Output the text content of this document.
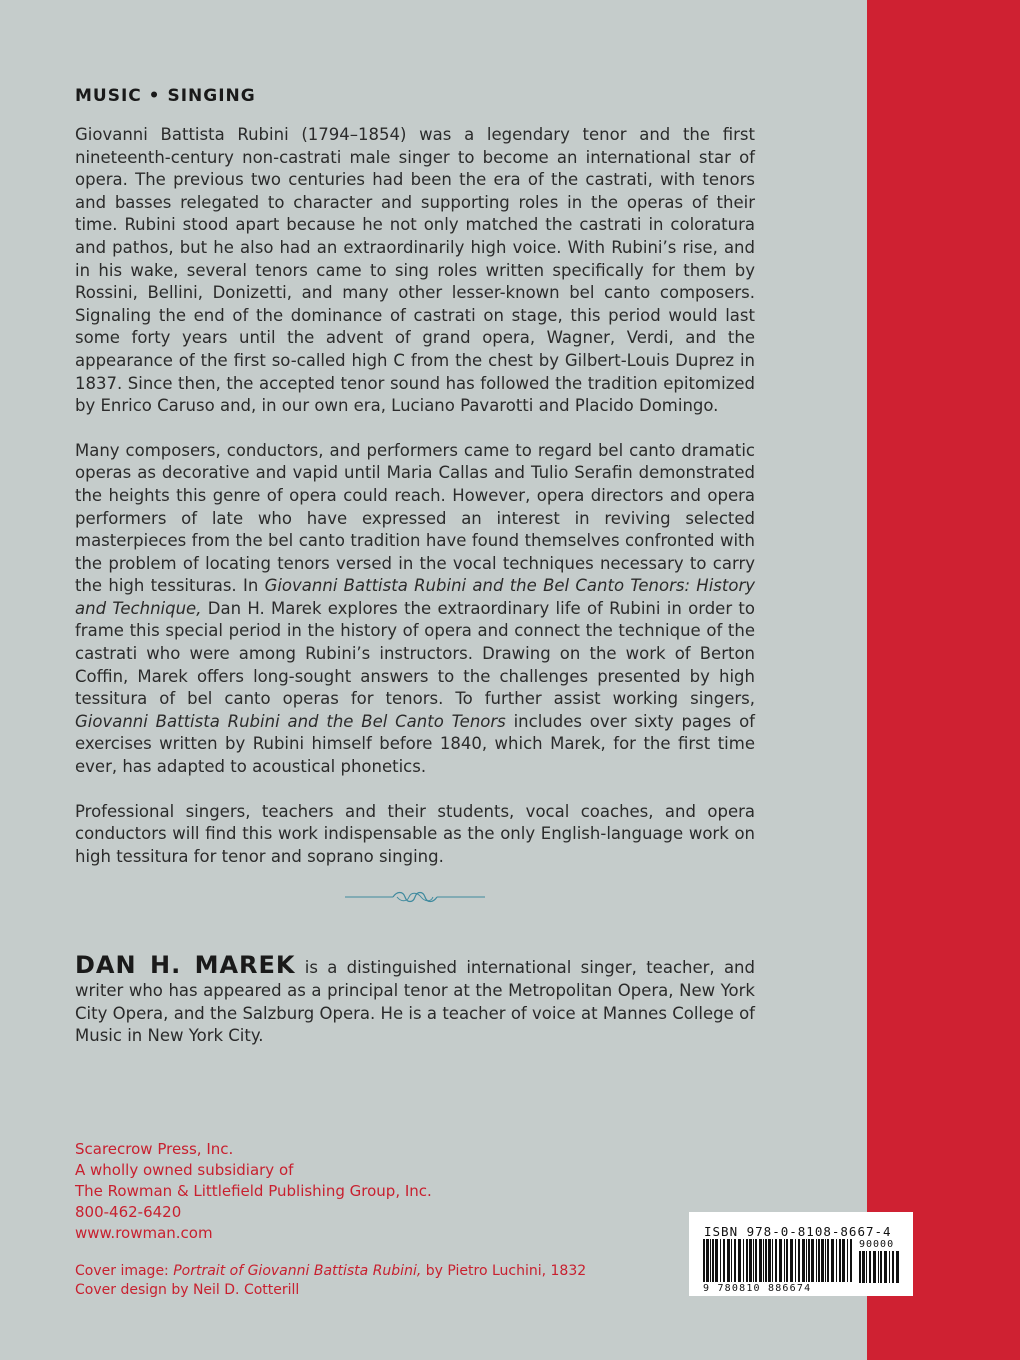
MUSIC • SINGING

Giovanni Battista Rubini (1794–1854) was a legendary tenor and the first nineteenth-century non-castrati male singer to become an international star of opera. The previous two centuries had been the era of the castrati, with tenors and basses relegated to character and supporting roles in the operas of their time. Rubini stood apart because he not only matched the castrati in coloratura and pathos, but he also had an extraordinarily high voice. With Rubini’s rise, and in his wake, several tenors came to sing roles written specifically for them by Rossini, Bellini, Donizetti, and many other lesser-known bel canto composers. Signaling the end of the dominance of castrati on stage, this period would last some forty years until the advent of grand opera, Wagner, Verdi, and the appearance of the first so-called high C from the chest by Gilbert-Louis Duprez in 1837. Since then, the accepted tenor sound has followed the tradition epitomized by Enrico Caruso and, in our own era, Luciano Pavarotti and Placido Domingo.

Many composers, conductors, and performers came to regard bel canto dramatic operas as decorative and vapid until Maria Callas and Tulio Serafin demonstrated the heights this genre of opera could reach. However, opera directors and opera performers of late who have expressed an interest in reviving selected masterpieces from the bel canto tradition have found themselves confronted with the problem of locating tenors versed in the vocal techniques necessary to carry the high tessituras. In Giovanni Battista Rubini and the Bel Canto Tenors: History and Technique, Dan H. Marek explores the extraordinary life of Rubini in order to frame this special period in the history of opera and connect the technique of the castrati who were among Rubini’s instructors. Drawing on the work of Berton Coffin, Marek offers long-sought answers to the challenges presented by high tessitura of bel canto operas for tenors. To further assist working singers, Giovanni Battista Rubini and the Bel Canto Tenors includes over sixty pages of exercises written by Rubini himself before 1840, which Marek, for the first time ever, has adapted to acoustical phonetics.

Professional singers, teachers and their students, vocal coaches, and opera conductors will find this work indispensable as the only English-language work on high tessitura for tenor and soprano singing.

DAN H. MAREK is a distinguished international singer, teacher, and writer who has appeared as a principal tenor at the Metropolitan Opera, New York City Opera, and the Salzburg Opera. He is a teacher of voice at Mannes College of Music in New York City.

Scarecrow Press, Inc.
A wholly owned subsidiary of
The Rowman & Littlefield Publishing Group, Inc.
800-462-6420
www.rowman.com
Cover image: Portrait of Giovanni Battista Rubini, by Pietro Luchini, 1832
Cover design by Neil D. Cotterill
ISBN 978-0-8108-8667-4
90000
9 780810 886674
